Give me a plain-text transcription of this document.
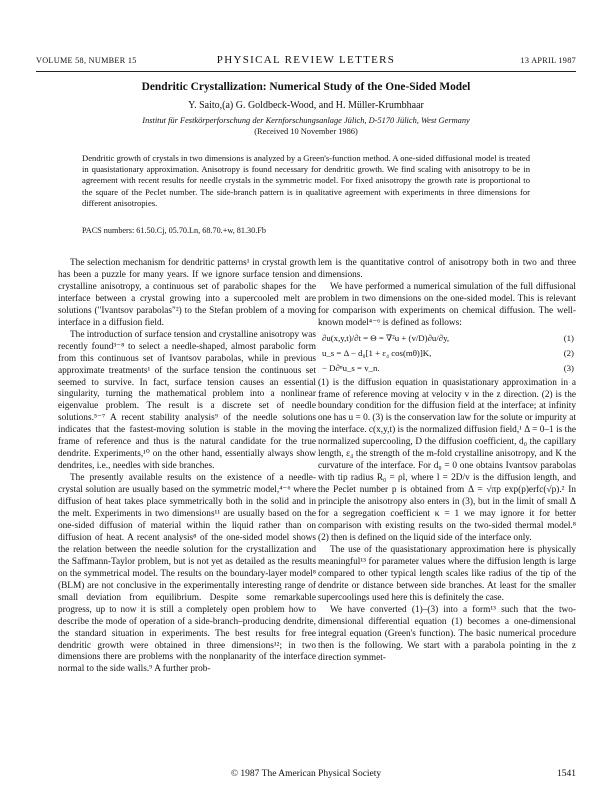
VOLUME 58, NUMBER 15	PHYSICAL REVIEW LETTERS	13 APRIL 1987
Dendritic Crystallization: Numerical Study of the One-Sided Model
Y. Saito,(a) G. Goldbeck-Wood, and H. Müller-Krumbhaar
Institut für Festkörperforschung der Kernforschungsanlage Jülich, D-5170 Jülich, West Germany
(Received 10 November 1986)
Dendritic growth of crystals in two dimensions is analyzed by a Green's-function method. A one-sided diffusional model is treated in quasistationary approximation. Anisotropy is found necessary for dendritic growth. We find scaling with anisotropy to be in agreement with recent results for needle crystals in the symmetric model. For fixed anisotropy the growth rate is proportional to the square of the Peclet number. The side-branch pattern is in qualitative agreement with experiments in three dimensions for different anisotropies.
PACS numbers: 61.50.Cj, 05.70.Ln, 68.70.+w, 81.30.Fb

The selection mechanism for dendritic patterns¹ in crystal growth has been a puzzle for many years. If we ignore surface tension and crystalline anisotropy, a continuous set of parabolic shapes for the interface between a crystal growing into a supercooled melt are solutions ("Ivantsov parabolas"²) to the Stefan problem of a moving interface in a diffusion field.

The introduction of surface tension and crystalline anisotropy was recently found³⁻⁸ to select a needle-shaped, almost parabolic form from this continuous set of Ivantsov parabolas, while in previous approximate treatments¹ of the surface tension the continuous set seemed to survive. In fact, surface tension causes an essential singularity, turning the mathematical problem into a nonlinear eigenvalue problem. The result is a discrete set of needle solutions.⁵⁻⁷ A recent stability analysis⁹ of the needle solutions indicates that the fastest-moving solution is stable in the moving frame of reference and thus is the natural candidate for the true dendrite. Experiments,¹⁰ on the other hand, essentially always show dendrites, i.e., needles with side branches.

The presently available results on the existence of a needle-crystal solution are usually based on the symmetric model,⁴⁻⁶ where diffusion of heat takes place symmetrically both in the solid and in the melt. Experiments in two dimensions¹¹ are usually based on the one-sided diffusion of material within the liquid rather than on diffusion of heat. A recent analysis⁸ of the one-sided model shows the relation between the needle solution for the crystallization and the Saffmann-Taylor problem, but is not yet as detailed as the results on the symmetrical model. The results on the boundary-layer model⁸ (BLM) are not conclusive in the experimentally interesting range of small deviation from equilibrium. Despite some remarkable progress, up to now it is still a completely open problem how to describe the mode of operation of a side-branch–producing dendrite, the standard situation in experiments. The best results for free dendritic growth were obtained in three dimensions¹²; in two dimensions there are problems with the nonplanarity of the interface normal to the side walls.⁹ A further prob-

lem is the quantitative control of anisotropy both in two and three dimensions.

We have performed a numerical simulation of the full diffusional problem in two dimensions on the one-sided model. This is relevant for comparison with experiments on chemical diffusion. The well-known model⁴⁻⁶ is defined as follows:

∂u(x,y,t)/∂t = Θ = ∇²u + (v/D)∂u/∂y,	(1)
u_s = Δ − d₀[1 + ε₄ cos(mθ)]K,	(2)
− D∂ⁿu_s = v_n.	(3)

(1) is the diffusion equation in quasistationary approximation in a frame of reference moving at velocity v in the z direction. (2) is the boundary condition for the diffusion field at the interface; at infinity one has u = 0. (3) is the conservation law for the solute or impurity at the interface. c(x,y,t) is the normalized diffusion field,¹ Δ = 0–1 is the normalized supercooling, D the diffusion coefficient, d₀ the capillary length, ε₄ the strength of the m-fold crystalline anisotropy, and K the curvature of the interface. For d₀ = 0 one obtains Ivantsov parabolas with tip radius R₀ = ρl, where l = 2D/v is the diffusion length, and the Peclet number p is obtained from Δ = √πp exp(p)erfc(√p).² In principle the anisotropy also enters in (3), but in the limit of small Δ for a segregation coefficient κ = 1 we may ignore it for better comparison with existing results on the two-sided thermal model.⁸ (2) then is defined on the liquid side of the interface only.

The use of the quasistationary approximation here is physically meaningful¹³ for parameter values where the diffusion length is large compared to other typical length scales like radius of the tip of the dendrite or distance between side branches. At least for the smaller supercoolings used here this is definitely the case.

We have converted (1)–(3) into a form¹³ such that the two-dimensional differential equation (1) becomes a one-dimensional integral equation (Green's function). The basic numerical procedure then is the following. We start with a parabola pointing in the z direction symmet-

© 1987 The American Physical Society	1541
